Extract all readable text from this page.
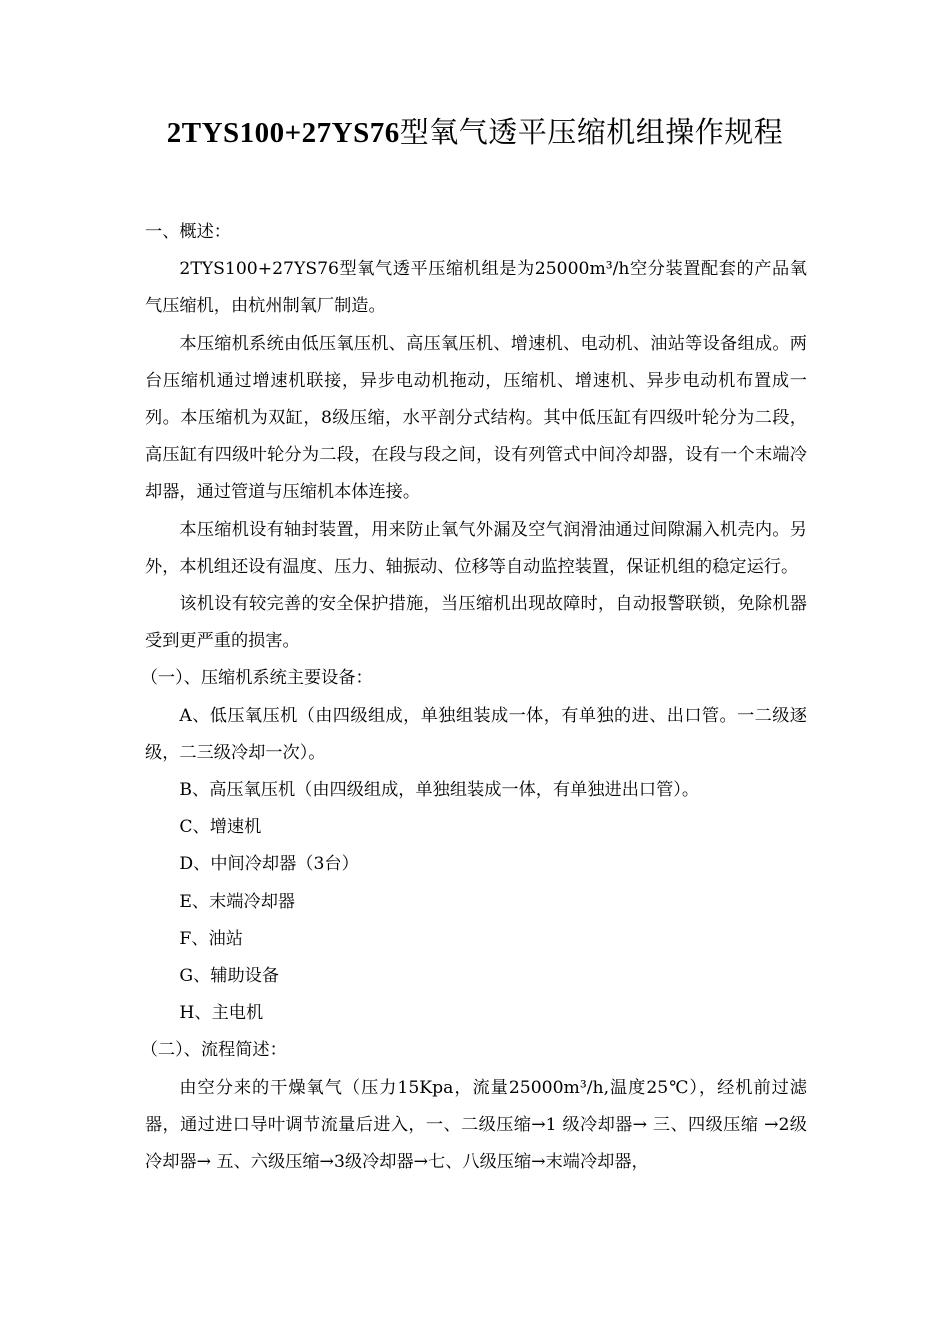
2TYS100+27YS76型氧气透平压缩机组操作规程

一、概述：

2TYS100+27YS76型氧气透平压缩机组是为25000m³/h空分装置配套的产品氧气压缩机，由杭州制氧厂制造。

本压缩机系统由低压氧压机、高压氧压机、增速机、电动机、油站等设备组成。两台压缩机通过增速机联接，异步电动机拖动，压缩机、增速机、异步电动机布置成一列。本压缩机为双缸，8级压缩，水平剖分式结构。其中低压缸有四级叶轮分为二段，高压缸有四级叶轮分为二段，在段与段之间，设有列管式中间冷却器，设有一个末端冷却器，通过管道与压缩机本体连接。

本压缩机设有轴封装置，用来防止氧气外漏及空气润滑油通过间隙漏入机壳内。另外，本机组还设有温度、压力、轴振动、位移等自动监控装置，保证机组的稳定运行。

该机设有较完善的安全保护措施，当压缩机出现故障时，自动报警联锁，免除机器受到更严重的损害。

（一）、压缩机系统主要设备：

A、低压氧压机（由四级组成，单独组装成一体，有单独的进、出口管。一二级逐级，二三级冷却一次）。

B、高压氧压机（由四级组成，单独组装成一体，有单独进出口管）。

C、增速机

D、中间冷却器（3台）

E、末端冷却器

F、油站

G、辅助设备

H、主电机

（二）、流程简述：

由空分来的干燥氧气（压力15Kpa，流量25000m³/h,温度25℃），经机前过滤器，通过进口导叶调节流量后进入，一、二级压缩→1 级冷却器→ 三、四级压缩 →2级冷却器→ 五、六级压缩→3级冷却器→七、八级压缩→末端冷却器，
